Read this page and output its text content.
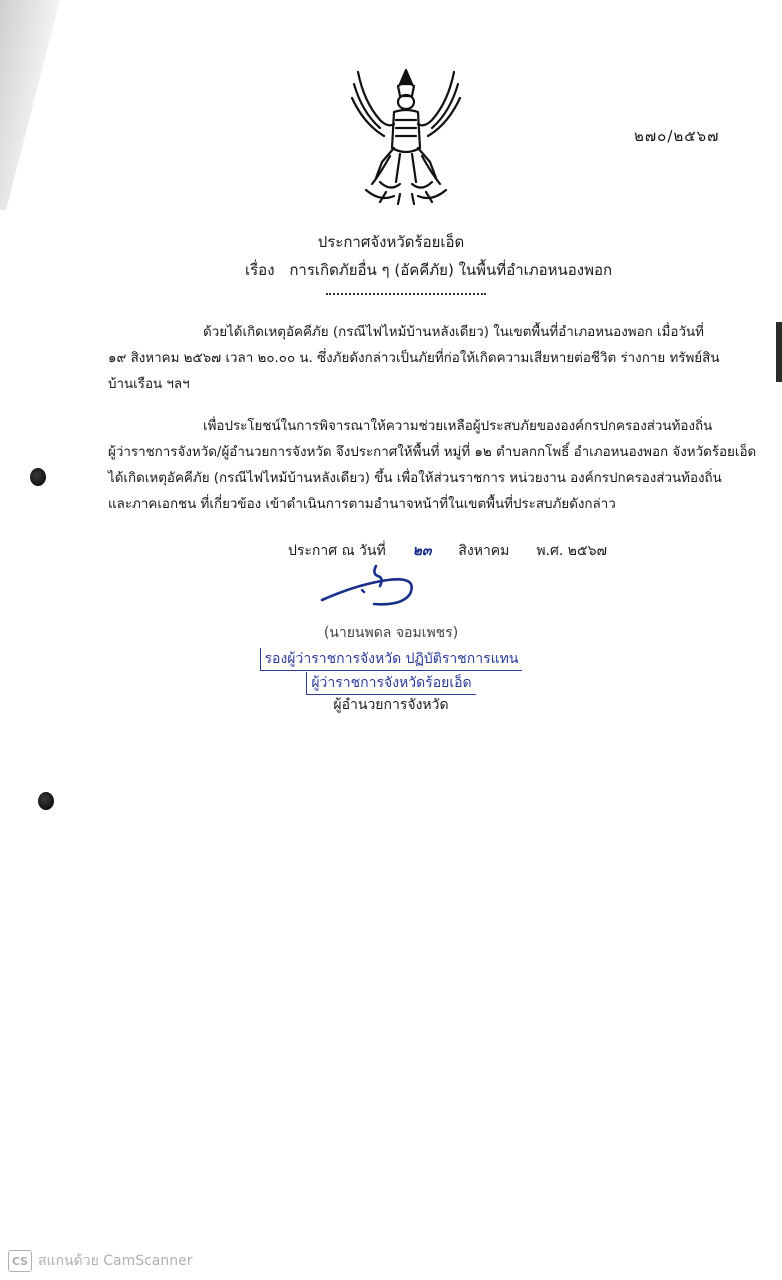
๒๗๐/๒๕๖๗
ประกาศจังหวัดร้อยเอ็ด
เรื่อง การเกิดภัยอื่น ๆ (อัคคีภัย) ในพื้นที่อำเภอหนองพอก
ด้วยได้เกิดเหตุอัคคีภัย (กรณีไฟไหม้บ้านหลังเดียว) ในเขตพื้นที่อำเภอหนองพอก เมื่อวันที่
๑๙ สิงหาคม ๒๕๖๗ เวลา ๒๐.๐๐ น. ซึ่งภัยดังกล่าวเป็นภัยที่ก่อให้เกิดความเสียหายต่อชีวิต ร่างกาย ทรัพย์สิน
บ้านเรือน ฯลฯ
เพื่อประโยชน์ในการพิจารณาให้ความช่วยเหลือผู้ประสบภัยขององค์กรปกครองส่วนท้องถิ่น
ผู้ว่าราชการจังหวัด/ผู้อำนวยการจังหวัด จึงประกาศให้พื้นที่ หมู่ที่ ๑๒ ตำบลกกโพธิ์ อำเภอหนองพอก จังหวัดร้อยเอ็ด
ได้เกิดเหตุอัคคีภัย (กรณีไฟไหม้บ้านหลังเดียว) ขึ้น เพื่อให้ส่วนราชการ หน่วยงาน องค์กรปกครองส่วนท้องถิ่น
และภาคเอกชน ที่เกี่ยวข้อง เข้าดำเนินการตามอำนาจหน้าที่ในเขตพื้นที่ประสบภัยดังกล่าว
ประกาศ ณ วันที่ ๒๓ สิงหาคม พ.ศ. ๒๕๖๗
(นายนพดล จอมเพชร)
รองผู้ว่าราชการจังหวัด ปฏิบัติราชการแทน
ผู้ว่าราชการจังหวัดร้อยเอ็ด
ผู้อำนวยการจังหวัด
CS สแกนด้วย CamScanner
